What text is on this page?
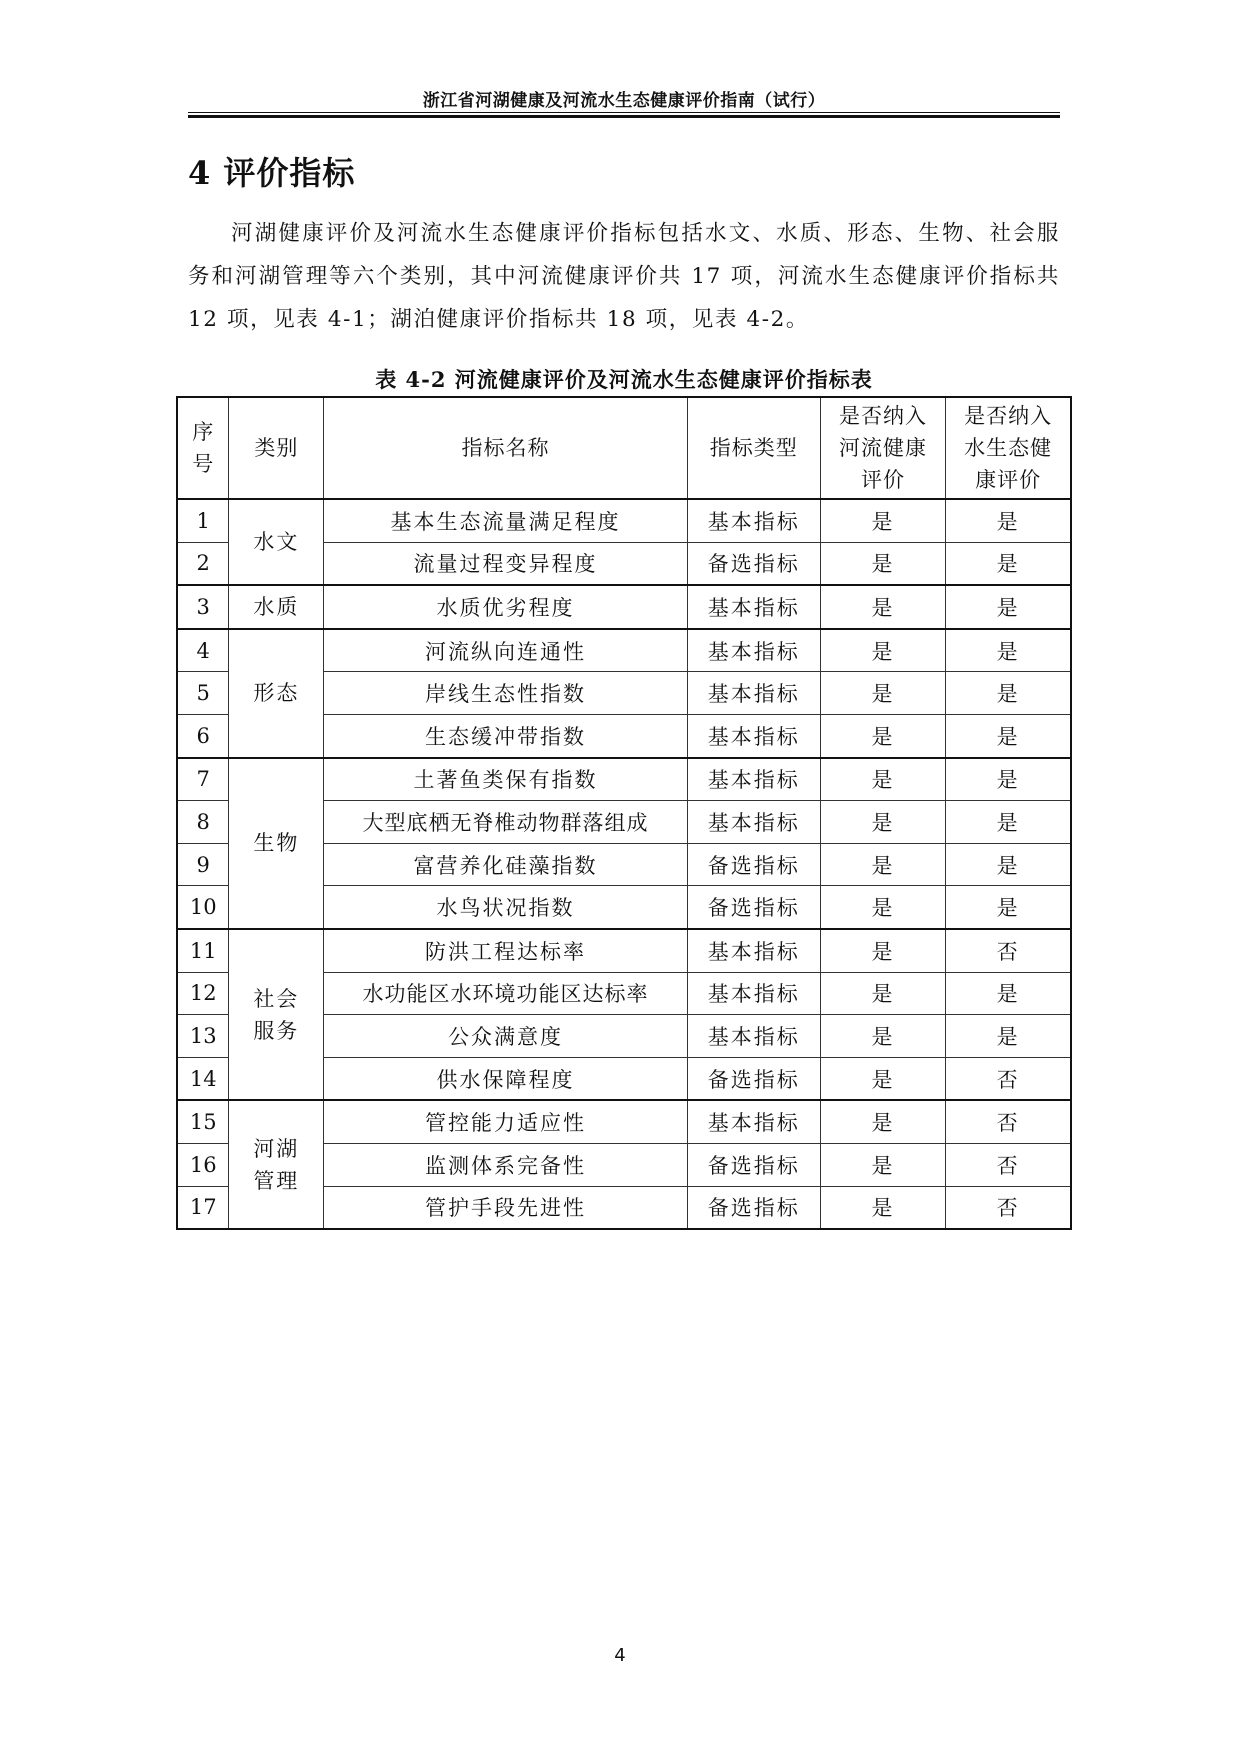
浙江省河湖健康及河流水生态健康评价指南（试行）
4 评价指标

河湖健康评价及河流水生态健康评价指标包括水文、水质、形态、生物、社会服务和河湖管理等六个类别，其中河流健康评价共 17 项，河流水生态健康评价指标共 12 项，见表 4-1；湖泊健康评价指标共 18 项，见表 4-2。

表 4-2 河流健康评价及河流水生态健康评价指标表
序号	类别	指标名称	指标类型	是否纳入河流健康评价	是否纳入水生态健康评价
1	水文	基本生态流量满足程度	基本指标	是	是
2		流量过程变异程度	备选指标	是	是
3	水质	水质优劣程度	基本指标	是	是
4	形态	河流纵向连通性	基本指标	是	是
5		岸线生态性指数	基本指标	是	是
6		生态缓冲带指数	基本指标	是	是
7	生物	土著鱼类保有指数	基本指标	是	是
8		大型底栖无脊椎动物群落组成	基本指标	是	是
9		富营养化硅藻指数	备选指标	是	是
10		水鸟状况指数	备选指标	是	是
11	社会服务	防洪工程达标率	基本指标	是	否
12		水功能区水环境功能区达标率	基本指标	是	是
13		公众满意度	基本指标	是	是
14		供水保障程度	备选指标	是	否
15	河湖管理	管控能力适应性	基本指标	是	否
16		监测体系完备性	备选指标	是	否
17		管护手段先进性	备选指标	是	否
4
